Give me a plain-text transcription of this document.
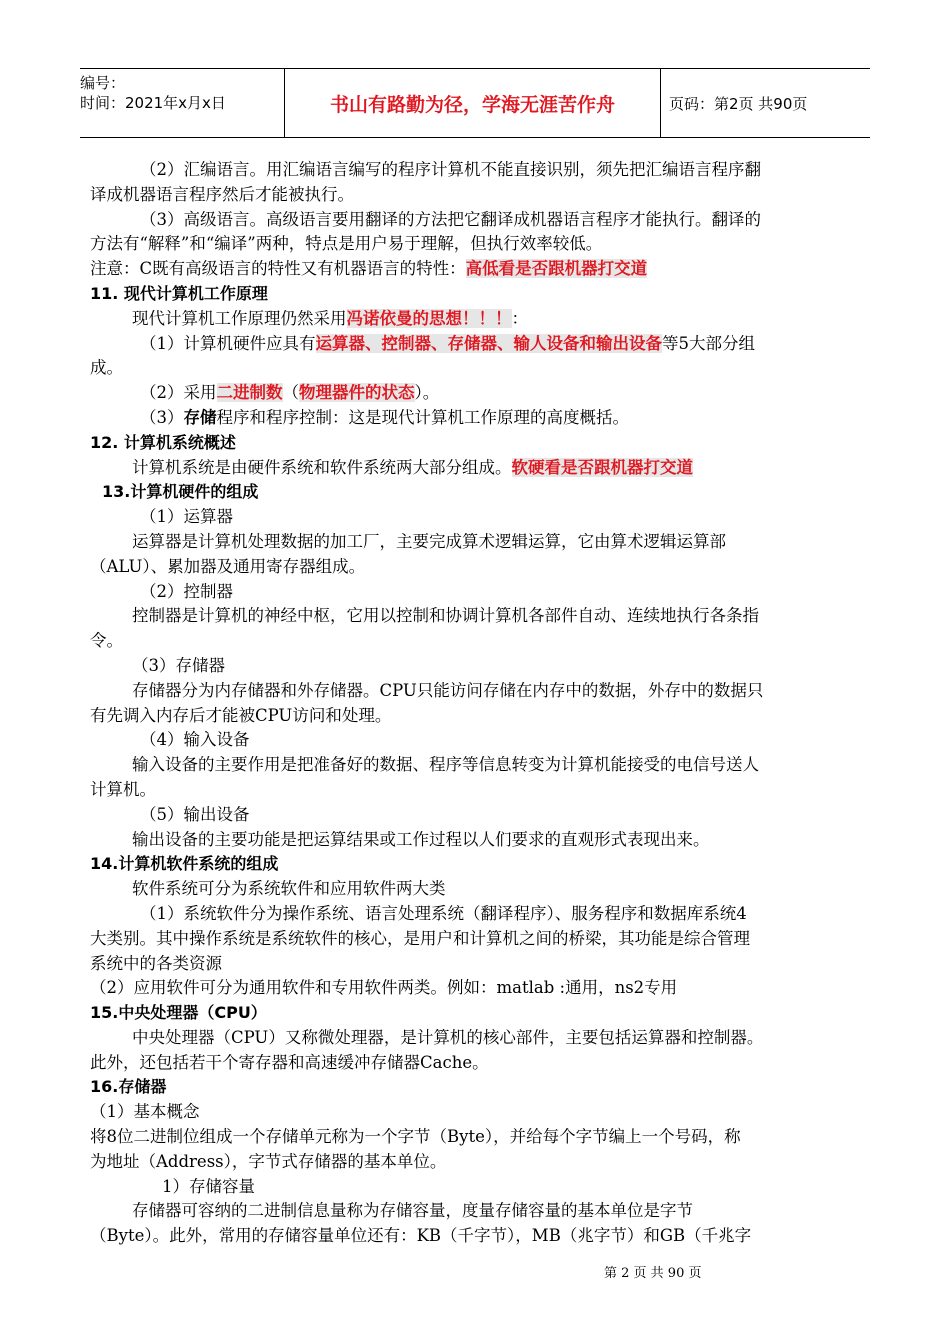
编号：
时间：2021年x月x日	书山有路勤为径，学海无涯苦作舟	页码：第2页 共90页
（2）汇编语言。用汇编语言编写的程序计算机不能直接识别，须先把汇编语言程序翻
译成机器语言程序然后才能被执行。
（3）高级语言。高级语言要用翻译的方法把它翻译成机器语言程序才能执行。翻译的
方法有“解释”和“编译”两种，特点是用户易于理解，但执行效率较低。
注意：C既有高级语言的特性又有机器语言的特性：高低看是否跟机器打交道
11. 现代计算机工作原理
现代计算机工作原理仍然采用冯诺依曼的思想！！！：
（1）计算机硬件应具有运算器、控制器、存储器、输人设备和输出设备等5大部分组
成。
（2）采用二进制数（物理器件的状态）。
（3）存储程序和程序控制：这是现代计算机工作原理的高度概括。
12. 计算机系统概述
计算机系统是由硬件系统和软件系统两大部分组成。软硬看是否跟机器打交道
13.计算机硬件的组成
（1）运算器
运算器是计算机处理数据的加工厂，主要完成算术逻辑运算，它由算术逻辑运算部
（ALU）、累加器及通用寄存器组成。
（2）控制器
控制器是计算机的神经中枢，它用以控制和协调计算机各部件自动、连续地执行各条指
令。
（3）存储器
存储器分为内存储器和外存储器。CPU只能访问存储在内存中的数据，外存中的数据只
有先调入内存后才能被CPU访问和处理。
（4）输入设备
输入设备的主要作用是把准备好的数据、程序等信息转变为计算机能接受的电信号送人
计算机。
（5）输出设备
输出设备的主要功能是把运算结果或工作过程以人们要求的直观形式表现出来。
14.计算机软件系统的组成
软件系统可分为系统软件和应用软件两大类
（1）系统软件分为操作系统、语言处理系统（翻译程序）、服务程序和数据库系统4
大类别。其中操作系统是系统软件的核心，是用户和计算机之间的桥梁，其功能是综合管理
系统中的各类资源
（2）应用软件可分为通用软件和专用软件两类。例如：matlab :通用，ns2专用
15.中央处理器（CPU）
中央处理器（CPU）又称微处理器，是计算机的核心部件，主要包括运算器和控制器。
此外，还包括若干个寄存器和高速缓冲存储器Cache。
16.存储器
（1）基本概念
将8位二进制位组成一个存储单元称为一个字节（Byte），并给每个字节编上一个号码，称
为地址（Address），字节式存储器的基本单位。
1）存储容量
存储器可容纳的二进制信息量称为存储容量，度量存储容量的基本单位是字节
（Byte）。此外，常用的存储容量单位还有：KB（千字节），MB（兆字节）和GB（千兆字
第 2 页 共 90 页
